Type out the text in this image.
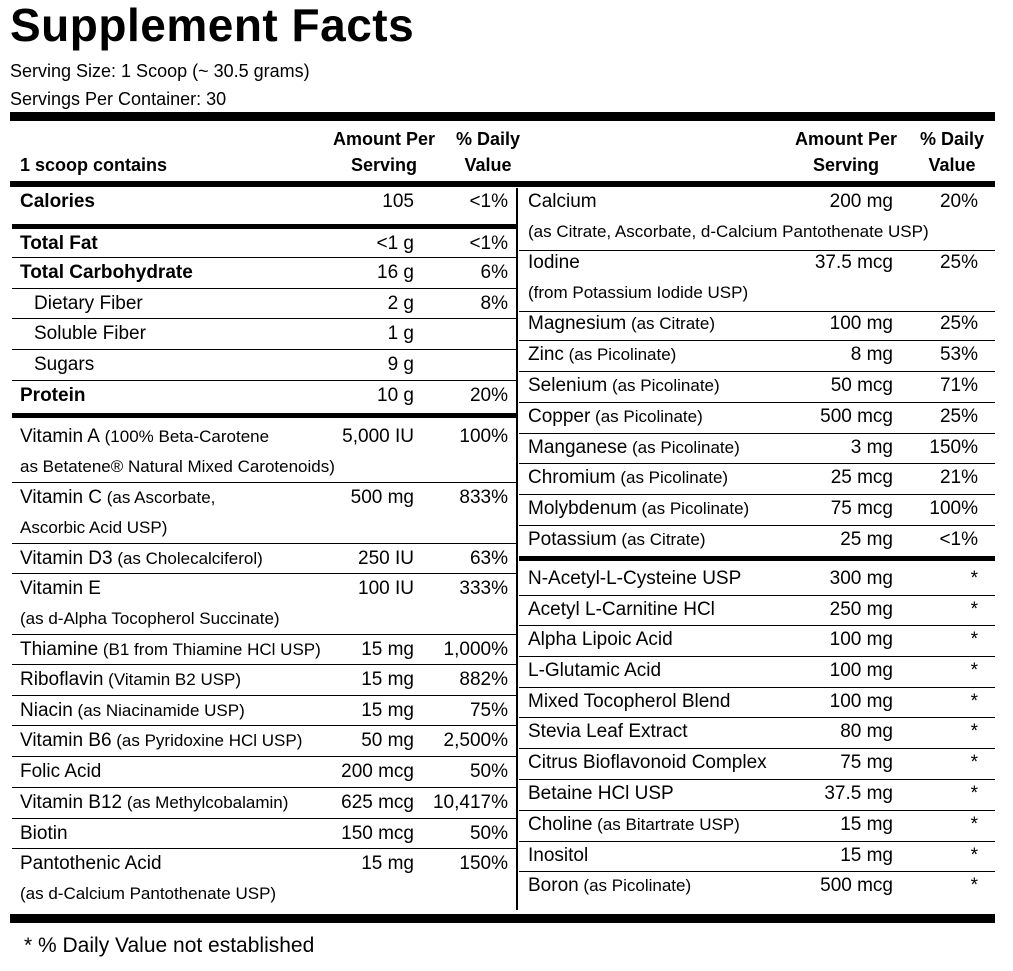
Supplement Facts
Serving Size: 1 Scoop (~ 30.5 grams)
Servings Per Container: 30
1 scoop contains
Amount Per
Serving
% Daily
Value
Amount Per
Serving
% Daily
Value
Calories	105	<1%
Total Fat	<1 g	<1%
Total Carbohydrate	16 g	6%
Dietary Fiber	2 g	8%
Soluble Fiber	1 g
Sugars	9 g
Protein	10 g	20%
Vitamin A (100% Beta-Carotene
as Betatene® Natural Mixed Carotenoids)
5,000 IU	100%
Vitamin C (as Ascorbate,
Ascorbic Acid USP)
500 mg	833%
Vitamin D3 (as Cholecalciferol)	250 IU	63%
Vitamin E
(as d-Alpha Tocopherol Succinate)
100 IU	333%
Thiamine (B1 from Thiamine HCl USP)	15 mg	1,000%
Riboflavin (Vitamin B2 USP)	15 mg	882%
Niacin (as Niacinamide USP)	15 mg	75%
Vitamin B6 (as Pyridoxine HCl USP)	50 mg	2,500%
Folic Acid	200 mcg	50%
Vitamin B12 (as Methylcobalamin)	625 mcg 10,417%
Biotin	150 mcg	50%
Pantothenic Acid
(as d-Calcium Pantothenate USP)
15 mg	150%
Calcium
(as Citrate, Ascorbate, d-Calcium Pantothenate USP)
200 mg	20%
Iodine
(from Potassium Iodide USP)
37.5 mcg	25%
Magnesium (as Citrate)	100 mg	25%
Zinc (as Picolinate)	8 mg	53%
Selenium (as Picolinate)	50 mcg	71%
Copper (as Picolinate)	500 mcg	25%
Manganese (as Picolinate)	3 mg	150%
Chromium (as Picolinate)	25 mcg	21%
Molybdenum (as Picolinate)	75 mcg	100%
Potassium (as Citrate)	25 mg	<1%
N-Acetyl-L-Cysteine USP	300 mg	*
Acetyl L-Carnitine HCl	250 mg	*
Alpha Lipoic Acid	100 mg	*
L-Glutamic Acid	100 mg	*
Mixed Tocopherol Blend	100 mg	*
Stevia Leaf Extract	80 mg	*
Citrus Bioflavonoid Complex	75 mg	*
Betaine HCl USP	37.5 mg	*
Choline (as Bitartrate USP)	15 mg	*
Inositol	15 mg	*
Boron (as Picolinate)	500 mcg	*
* % Daily Value not established
